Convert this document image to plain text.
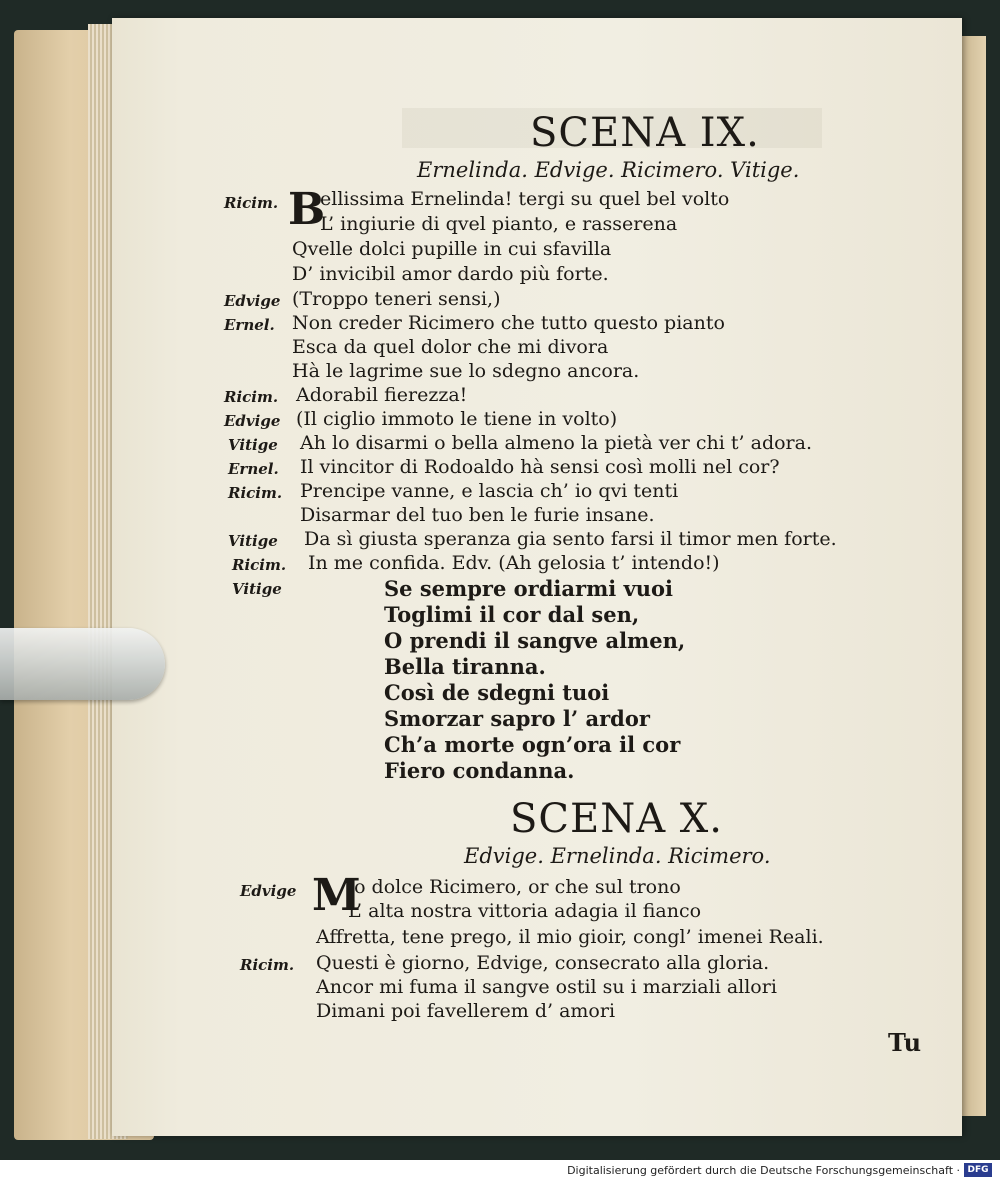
SCENA IX.
Ernelinda. Edvige. Ricimero. Vitige.
Ricim. B
ellissima Ernelinda! tergi su quel bel volto
L’ ingiurie di qvel pianto, e rasserena
Qvelle dolci pupille in cui sfavilla
D’ invicibil amor dardo più forte.
Edvige (Troppo teneri sensi,)
Ernel. Non creder Ricimero che tutto questo pianto
Esca da quel dolor che mi divora
Hà le lagrime sue lo sdegno ancora.
Ricim. Adorabil fierezza!
Edvige (Il ciglio immoto le tiene in volto)
Vitige Ah lo disarmi o bella almeno la pietà ver chi t’ adora.
Ernel. Il vincitor di Rodoaldo hà sensi così molli nel cor?
Ricim. Prencipe vanne, e lascia ch’ io qvi tenti
Disarmar del tuo ben le furie insane.
Vitige Da sì giusta speranza gia sento farsi il timor men forte.
Ricim. In me confida. Edv. (Ah gelosia t’ intendo!)
Vitige	Se sempre ordiarmi vuoi
Toglimi il cor dal sen,
O prendi il sangve almen,
Bella tiranna.
Così de sdegni tuoi
Smorzar sapro l’ ardor
Ch’a morte ogn’ora il cor
Fiero condanna.
SCENA X.
Edvige. Ernelinda. Ricimero.
Edvige M
io dolce Ricimero, or che sul trono
L’ alta nostra vittoria adagia il fianco
Affretta, tene prego, il mio gioir, congl’ imenei Reali.
Ricim. Questi è giorno, Edvige, consecrato alla gloria.
Ancor mi fuma il sangve ostil su i marziali allori
Dimani poi favellerem d’ amori
Tu
Digitalisierung gefördert durch die Deutsche Forschungsgemeinschaft · DFG
